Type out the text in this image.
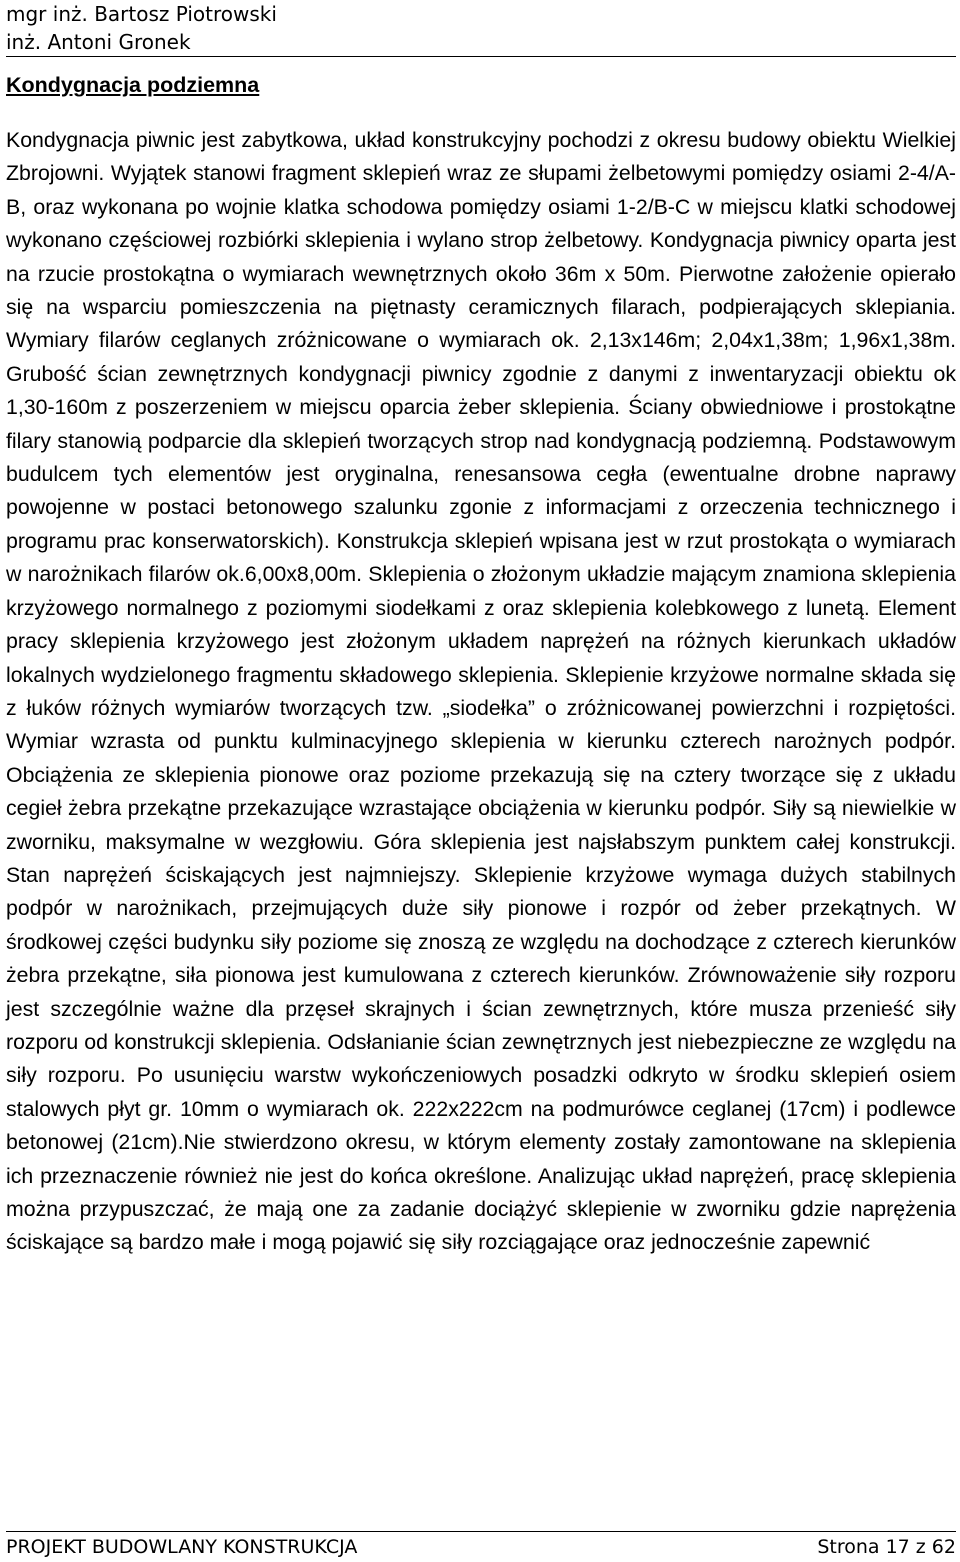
mgr inż. Bartosz Piotrowski
inż. Antoni Gronek
Kondygnacja podziemna

Kondygnacja piwnic jest zabytkowa, układ konstrukcyjny pochodzi z okresu budowy obiektu Wielkiej Zbrojowni. Wyjątek stanowi fragment sklepień wraz ze słupami żelbetowymi pomiędzy osiami 2-4/A-B, oraz wykonana po wojnie klatka schodowa pomiędzy osiami 1-2/B-C w miejscu klatki schodowej wykonano częściowej rozbiórki sklepienia i wylano strop żelbetowy. Kondygnacja piwnicy oparta jest na rzucie prostokątna o wymiarach wewnętrznych około 36m x 50m. Pierwotne założenie opierało się na wsparciu pomieszczenia na piętnasty ceramicznych filarach, podpierających sklepiania. Wymiary filarów ceglanych zróżnicowane o wymiarach ok. 2,13x146m; 2,04x1,38m; 1,96x1,38m. Grubość ścian zewnętrznych kondygnacji piwnicy zgodnie z danymi z inwentaryzacji obiektu ok 1,30-160m z poszerzeniem w miejscu oparcia żeber sklepienia. Ściany obwiedniowe i prostokątne filary stanowią podparcie dla sklepień tworzących strop nad kondygnacją podziemną. Podstawowym budulcem tych elementów jest oryginalna, renesansowa cegła (ewentualne drobne naprawy powojenne w postaci betonowego szalunku zgonie z informacjami z orzeczenia technicznego i programu prac konserwatorskich). Konstrukcja sklepień wpisana jest w rzut prostokąta o wymiarach w narożnikach filarów ok.6,00x8,00m. Sklepienia o złożonym układzie mającym znamiona sklepienia krzyżowego normalnego z poziomymi siodełkami z oraz sklepienia kolebkowego z lunetą. Element pracy sklepienia krzyżowego jest złożonym układem naprężeń na różnych kierunkach układów lokalnych wydzielonego fragmentu składowego sklepienia. Sklepienie krzyżowe normalne składa się z łuków różnych wymiarów tworzących tzw. „siodełka” o zróżnicowanej powierzchni i rozpiętości. Wymiar wzrasta od punktu kulminacyjnego sklepienia w kierunku czterech narożnych podpór. Obciążenia ze sklepienia pionowe oraz poziome przekazują się na cztery tworzące się z układu cegieł żebra przekątne przekazujące wzrastające obciążenia w kierunku podpór. Siły są niewielkie w zworniku, maksymalne w wezgłowiu. Góra sklepienia jest najsłabszym punktem całej konstrukcji. Stan naprężeń ściskających jest najmniejszy. Sklepienie krzyżowe wymaga dużych stabilnych podpór w narożnikach, przejmujących duże siły pionowe i rozpór od żeber przekątnych. W środkowej części budynku siły poziome się znoszą ze względu na dochodzące z czterech kierunków żebra przekątne, siła pionowa jest kumulowana z czterech kierunków. Zrównoważenie siły rozporu jest szczególnie ważne dla przęseł skrajnych i ścian zewnętrznych, które musza przenieść siły rozporu od konstrukcji sklepienia. Odsłanianie ścian zewnętrznych jest niebezpieczne ze względu na siły rozporu. Po usunięciu warstw wykończeniowych posadzki odkryto w środku sklepień osiem stalowych płyt gr. 10mm o wymiarach ok. 222x222cm na podmurówce ceglanej (17cm) i podlewce betonowej (21cm).Nie stwierdzono okresu, w którym elementy zostały zamontowane na sklepienia ich przeznaczenie również nie jest do końca określone. Analizując układ naprężeń, pracę sklepienia można przypuszczać, że mają one za zadanie dociążyć sklepienie w zworniku gdzie naprężenia ściskające są bardzo małe i mogą pojawić się siły rozciągające oraz jednocześnie zapewnić

PROJEKT BUDOWLANY KONSTRUKCJA	Strona 17 z 62
